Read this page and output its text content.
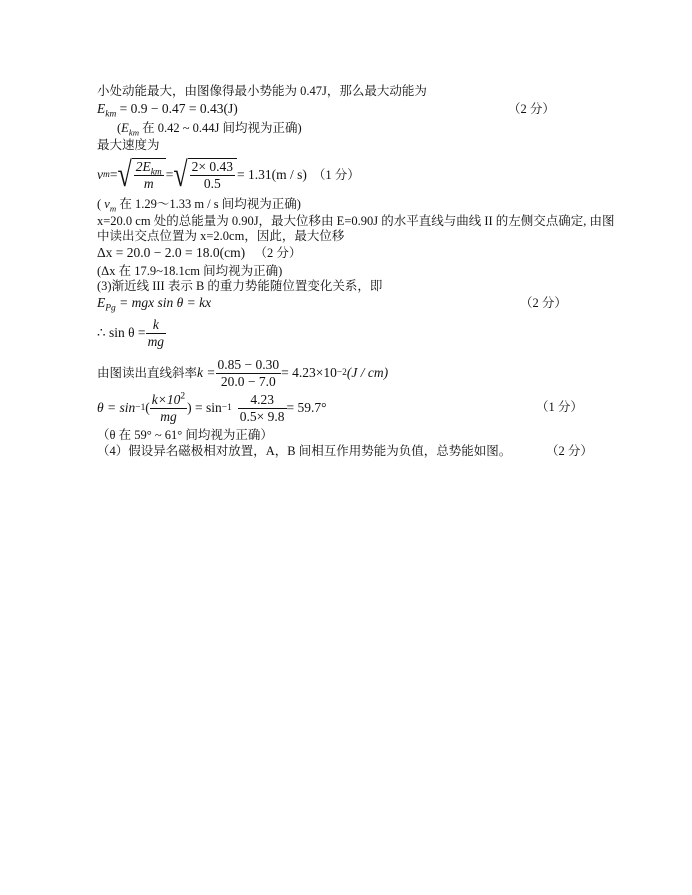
小处动能最大，由图像得最小势能为 0.47J，那么最大动能为
$E_{km} = 0.9 - 0.47 = 0.43(J)$	（2 分）
($E_{km}$ 在 0.42 ~ 0.44J 间均视为正确)
最大速度为
v m = √ $\frac{2E_{km}}{m}$ = √ $\frac{2\times 0.43}{0.5} = 1.31(m / s)$ （1 分）
( $v_m$ 在 1.29～1.33 m / s 间均视为正确)
x=20.0 cm 处的总能量为 0.90J，最大位移由 E=0.90J 的水平直线与曲线 II 的左侧交点确定, 由图
中读出交点位置为 x=2.0cm，因此，最大位移
Δx = 20.0 − 2.0 = 18.0(cm) （2 分）
(Δx 在 17.9~18.1cm 间均视为正确)
(3)渐近线 III 表示 B 的重力势能随位置变化关系，即
$E_{Pg}$ = mgx sin θ = kx	（2 分）
∴ $\sin \theta = \frac{k}{mg}$
由图读出直线斜率 $k = \frac{0.85 - 0.30}{20.0 - 7.0} = 4.23\times 10 -2$ (J / cm)
θ = sin −1 ( $\frac{k\times 10^2}{mg}$ ) = $\sin -1 \frac{4.23}{0.5\times 9.8} = 59.7^\circ$	（1 分）
（θ 在 59° ~ 61° 间均视为正确）
（4）假设异名磁极相对放置，A，B 间相互作用势能为负值，总势能如图。	（2 分）
